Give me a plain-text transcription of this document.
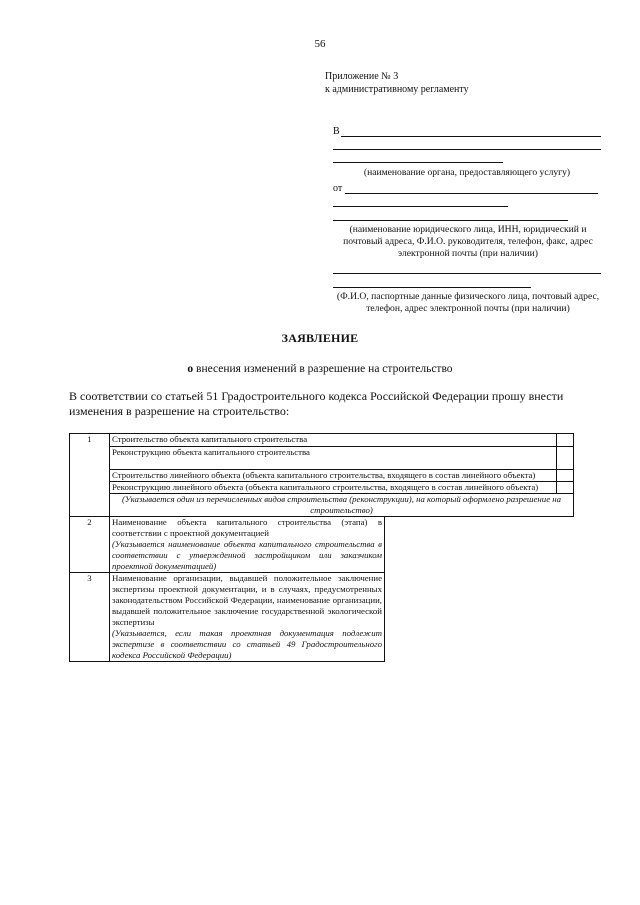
56
Приложение № 3
к административному регламенту
В
(наименование органа, предоставляющего услугу)
от
(наименование юридического лица, ИНН, юридический и почтовый адреса, Ф.И.О. руководителя, телефон, факс, адрес электронной почты (при наличии)
(Ф.И.О, паспортные данные физического лица, почтовый адрес, телефон, адрес электронной почты (при наличии)
ЗАЯВЛЕНИЕ
о внесения изменений в разрешение на строительство
В соответствии со статьей 51 Градостроительного кодекса Российской Федерации прошу внести изменения в разрешение на строительство:
1	Строительство объекта капитального строительства		
	Реконструкцию объекта капитального строительства		
	Строительство линейного объекта (объекта капитального строительства, входящего в состав линейного объекта)		
	Реконструкцию линейного объекта (объекта капитального строительства, входящего в состав линейного объекта)		
	(Указывается один из перечисленных видов строительства (реконструкции), на который оформлено разрешение на строительство)		
2	Наименование объекта капитального строительства (этапа) в соответствии с проектной документацией
(Указывается наименование объекта капитального строительства в соответствии с утвержденной застройщиком или заказчиком проектной документацией)		

3	Наименование организации, выдавшей положительное заключение экспертизы проектной документации, и в случаях, предусмотренных законодательством Российской Федерации, наименование организации, выдавшей положительное заключение государственной экологической экспертизы
(Указывается, если такая проектная документация подлежит экспертизе в соответствии со статьей 49 Градостроительного кодекса Российской Федерации)		
